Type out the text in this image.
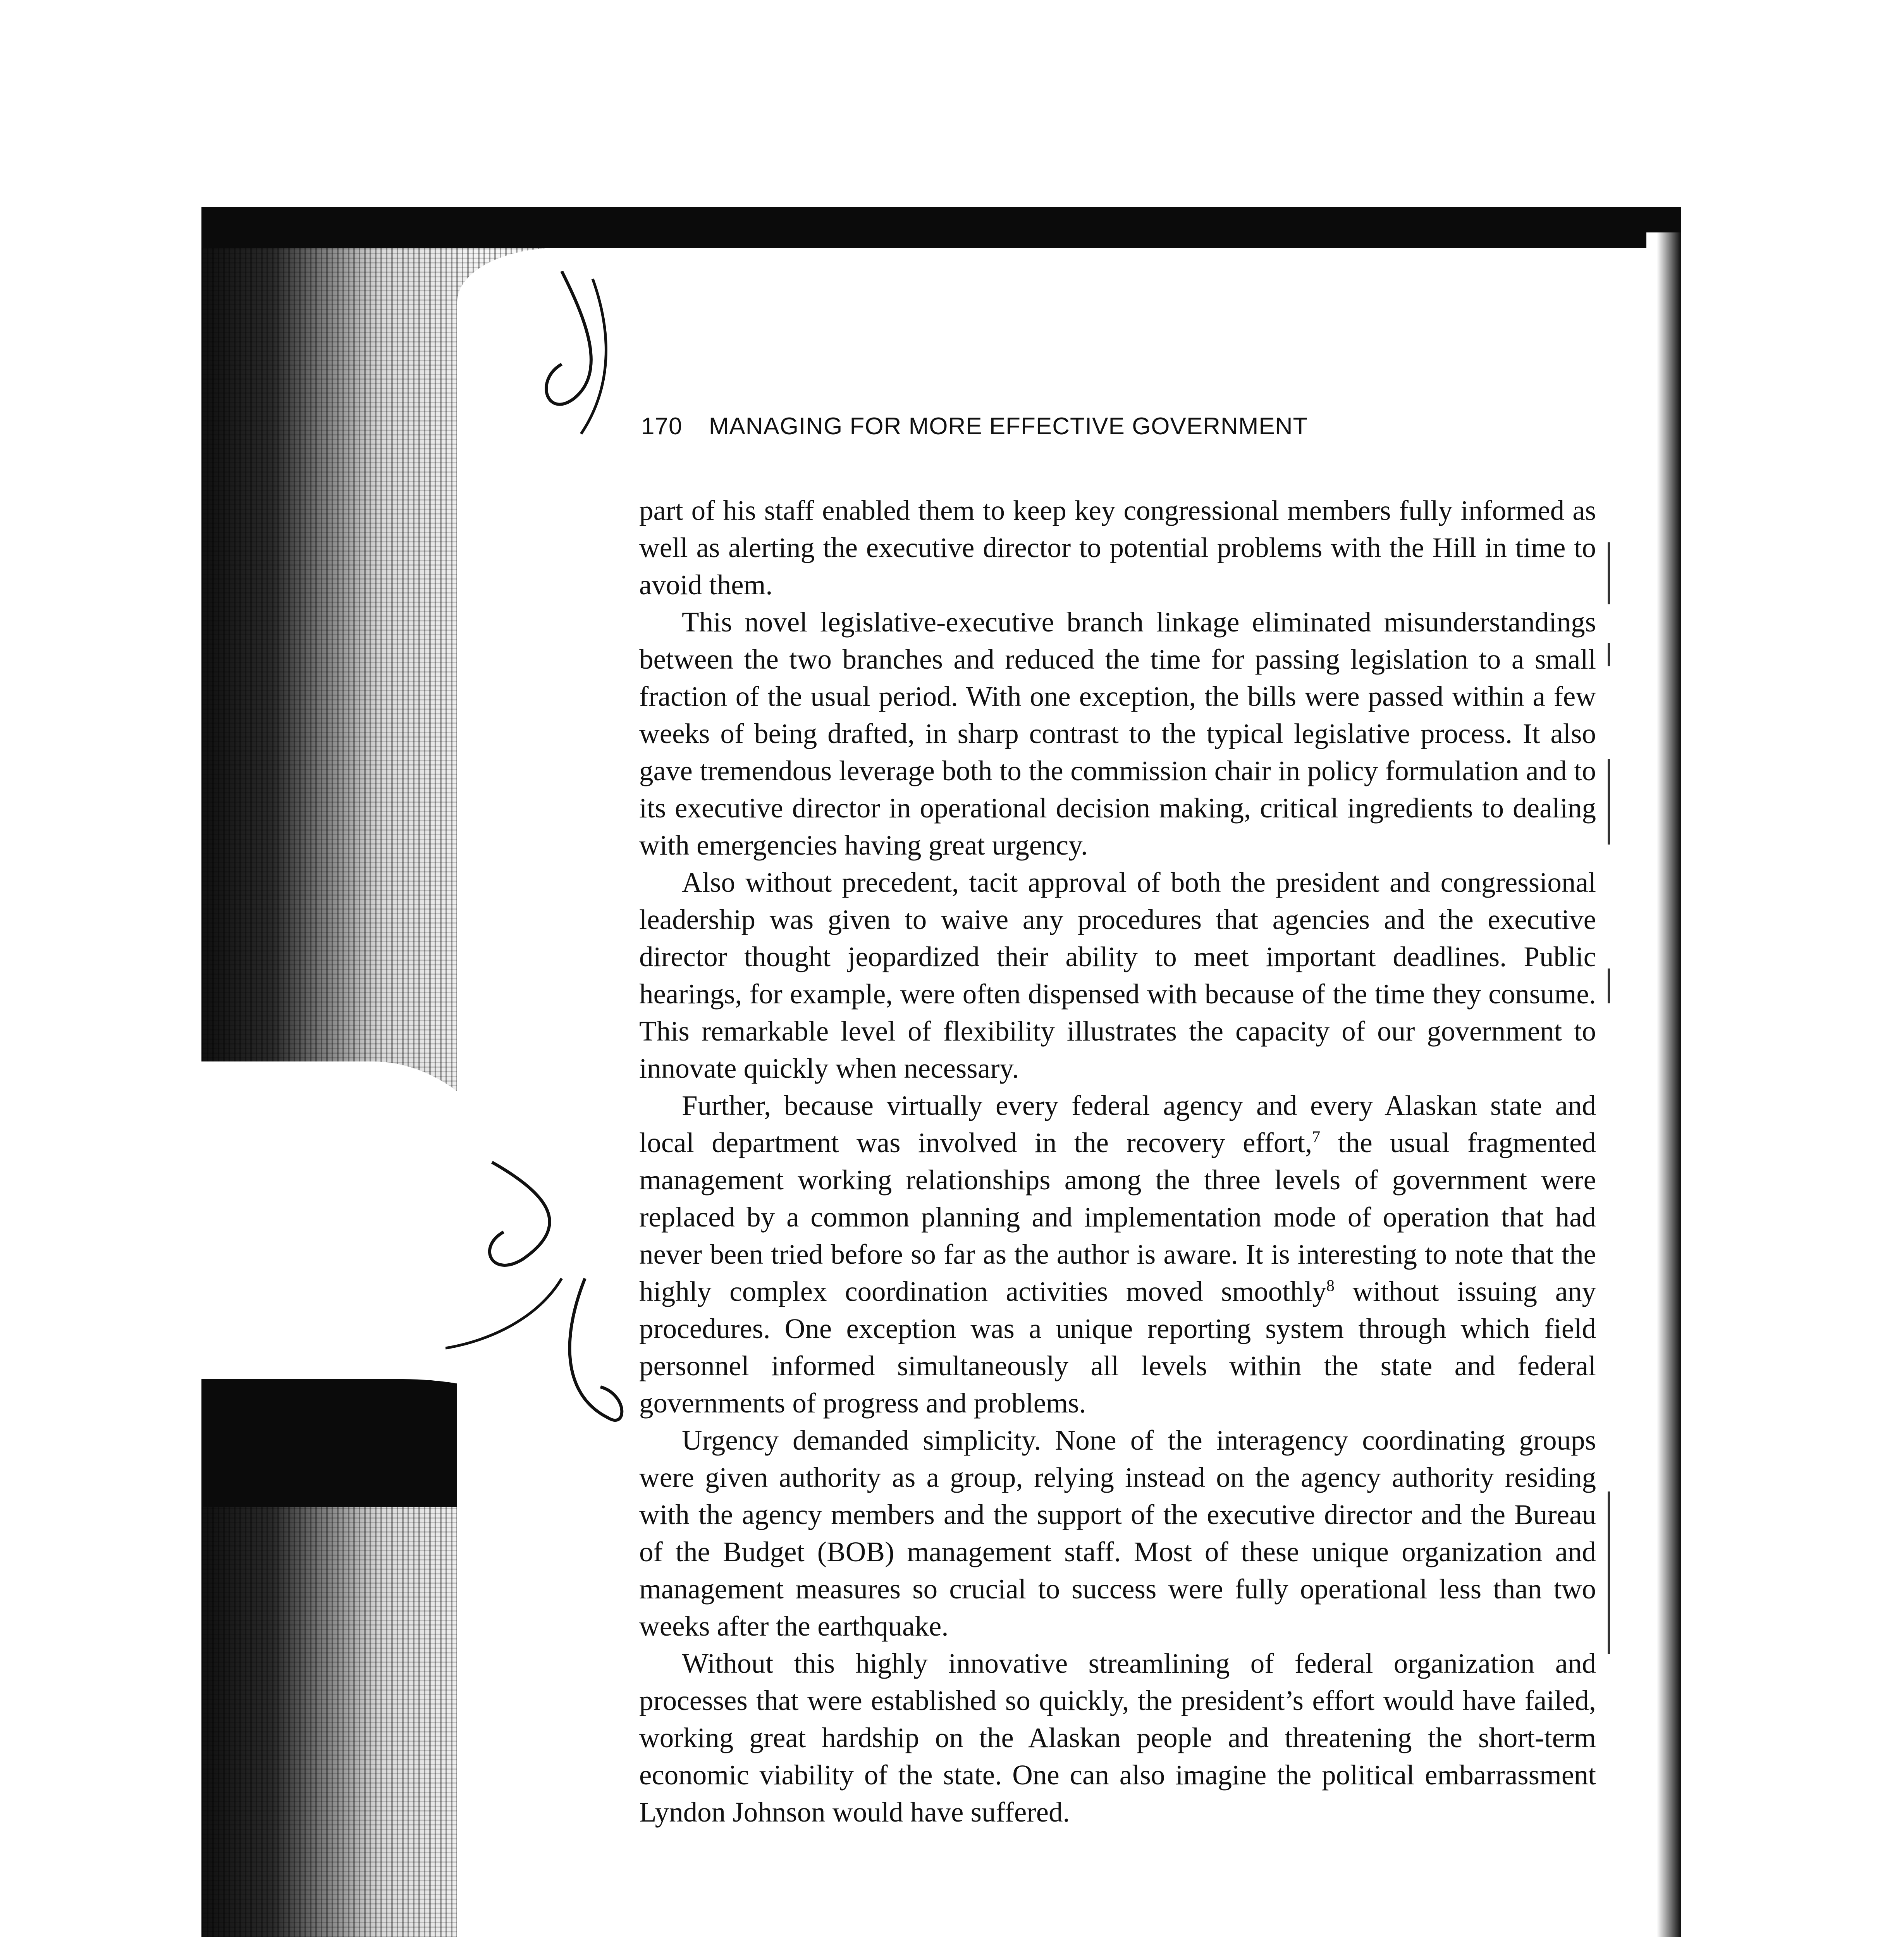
170 MANAGING FOR MORE EFFECTIVE GOVERNMENT

part of his staff enabled them to keep key congressional members fully informed as well as alerting the executive director to potential problems with the Hill in time to avoid them.

This novel legislative-executive branch linkage eliminated misunderstandings between the two branches and reduced the time for passing legislation to a small fraction of the usual period. With one exception, the bills were passed within a few weeks of being drafted, in sharp contrast to the typical legislative process. It also gave tremendous leverage both to the commission chair in policy formulation and to its executive director in operational decision making, critical ingredients to dealing with emergencies having great urgency.

Also without precedent, tacit approval of both the president and congressional leadership was given to waive any procedures that agencies and the executive director thought jeopardized their ability to meet important deadlines. Public hearings, for example, were often dispensed with because of the time they consume. This remarkable level of flexibility illustrates the capacity of our government to innovate quickly when necessary.

Further, because virtually every federal agency and every Alaskan state and local department was involved in the recovery effort,$^7$ the usual fragmented management working relationships among the three levels of government were replaced by a common planning and implementation mode of operation that had never been tried before so far as the author is aware. It is interesting to note that the highly complex coordination activities moved smoothly$^8$ without issuing any procedures. One exception was a unique reporting system through which field personnel informed simultaneously all levels within the state and federal governments of progress and problems.

Urgency demanded simplicity. None of the interagency coordinating groups were given authority as a group, relying instead on the agency authority residing with the agency members and the support of the executive director and the Bureau of the Budget (BOB) management staff. Most of these unique organization and management measures so crucial to success were fully operational less than two weeks after the earthquake.

Without this highly innovative streamlining of federal organization and processes that were established so quickly, the president’s effort would have failed, working great hardship on the Alaskan people and threatening the short-term economic viability of the state. One can also imagine the political embarrassment Lyndon Johnson would have suffered.
